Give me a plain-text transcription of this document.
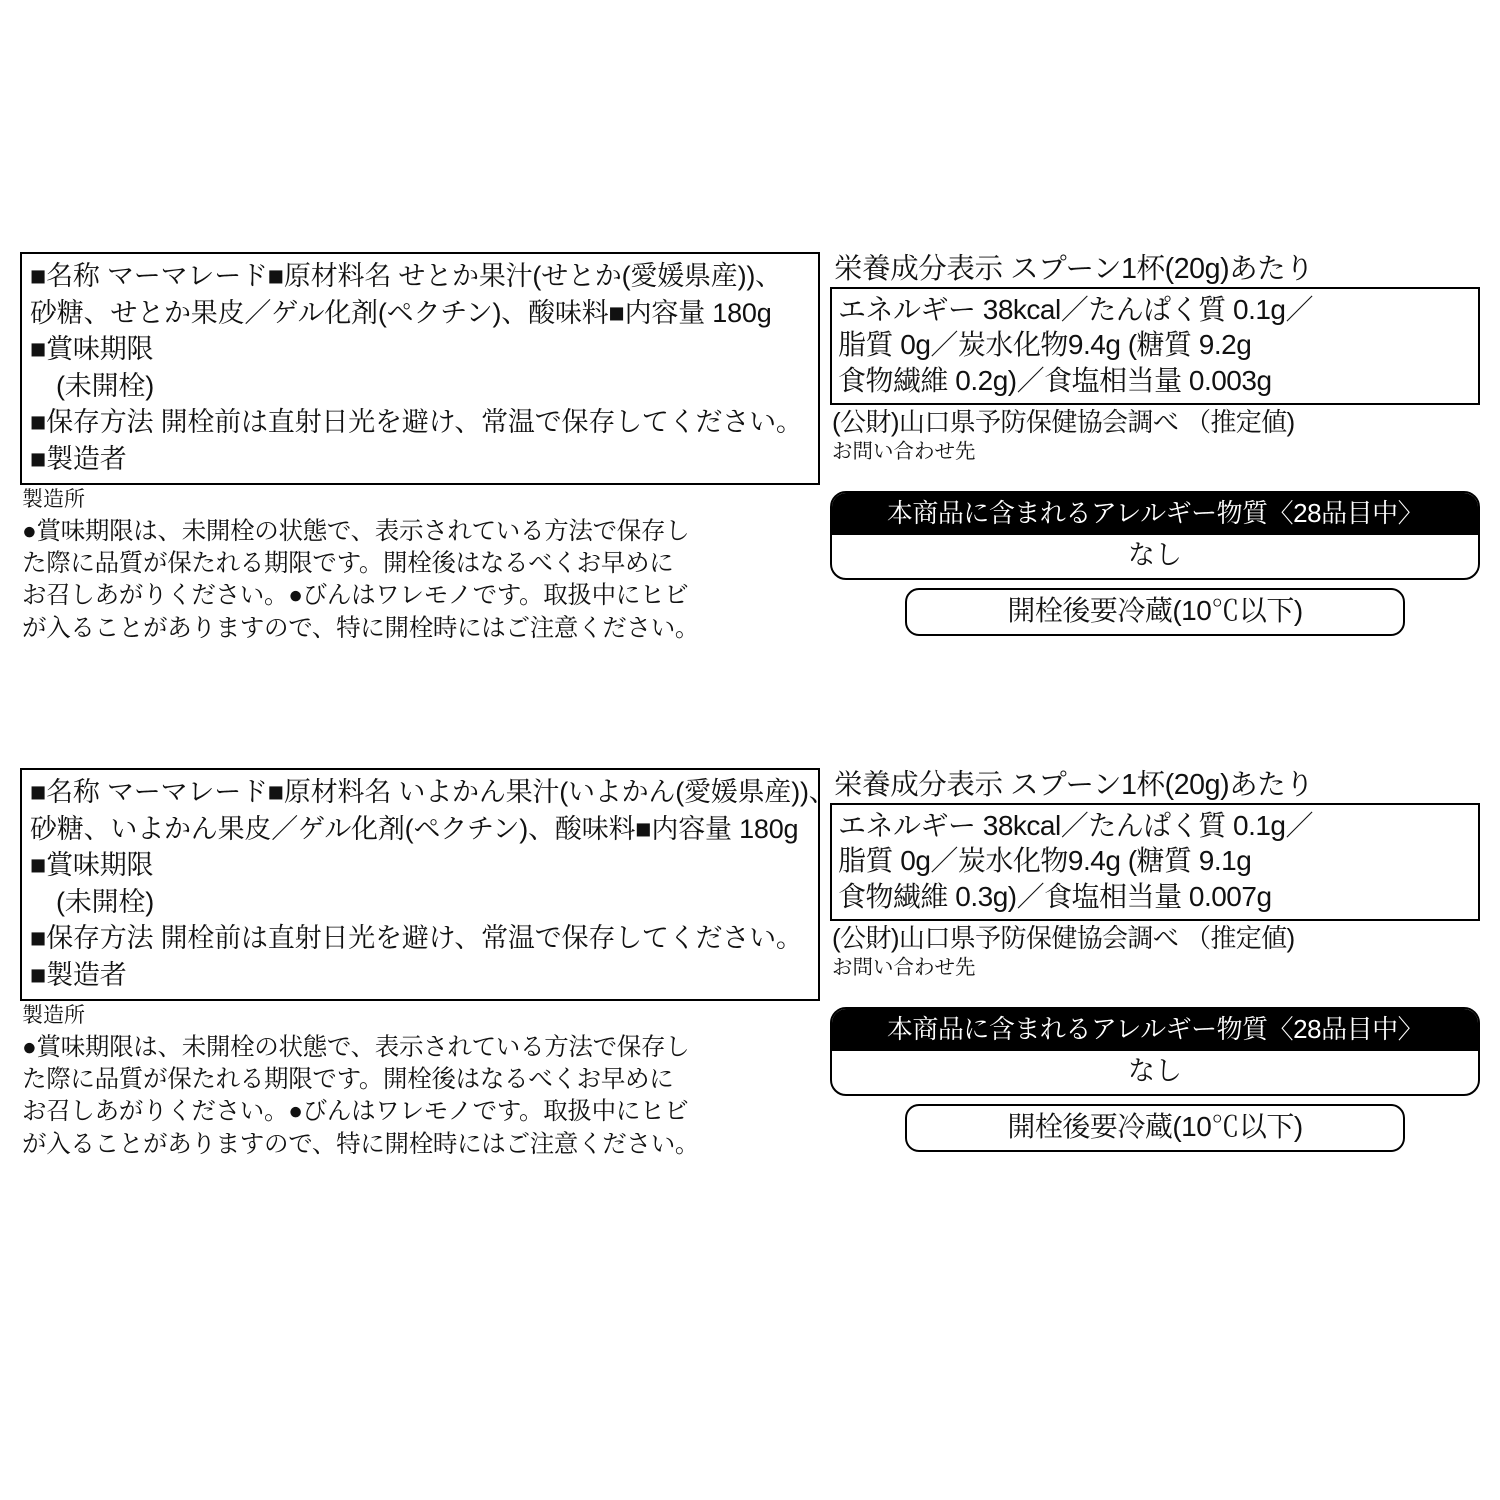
■名称 マーマレード■原材料名 せとか果汁(せとか(愛媛県産))、
砂糖、せとか果皮／ゲル化剤(ペクチン)、酸味料■内容量 180g
■賞味期限
(未開栓)
■保存方法 開栓前は直射日光を避け、常温で保存してください。
■製造者
製造所
●賞味期限は、未開栓の状態で、表示されている方法で保存し
た際に品質が保たれる期限です。開栓後はなるべくお早めに
お召しあがりください。●びんはワレモノです。取扱中にヒビ
が入ることがありますので、特に開栓時にはご注意ください。
栄養成分表示 スプーン1杯(20g)あたり
エネルギー 38kcal／たんぱく質 0.1g／
脂質 0g／炭水化物9.4g (糖質 9.2g
食物繊維 0.2g)／食塩相当量 0.003g
(公財)山口県予防保健協会調べ （推定値)
お問い合わせ先
本商品に含まれるアレルギー物質〈28品目中〉
なし
開栓後要冷蔵(10℃以下)
■名称 マーマレード■原材料名 いよかん果汁(いよかん(愛媛県産))、
砂糖、いよかん果皮／ゲル化剤(ペクチン)、酸味料■内容量 180g
■賞味期限
(未開栓)
■保存方法 開栓前は直射日光を避け、常温で保存してください。
■製造者
製造所
●賞味期限は、未開栓の状態で、表示されている方法で保存し
た際に品質が保たれる期限です。開栓後はなるべくお早めに
お召しあがりください。●びんはワレモノです。取扱中にヒビ
が入ることがありますので、特に開栓時にはご注意ください。
栄養成分表示 スプーン1杯(20g)あたり
エネルギー 38kcal／たんぱく質 0.1g／
脂質 0g／炭水化物9.4g (糖質 9.1g
食物繊維 0.3g)／食塩相当量 0.007g
(公財)山口県予防保健協会調べ （推定値)
お問い合わせ先
本商品に含まれるアレルギー物質〈28品目中〉
なし
開栓後要冷蔵(10℃以下)
